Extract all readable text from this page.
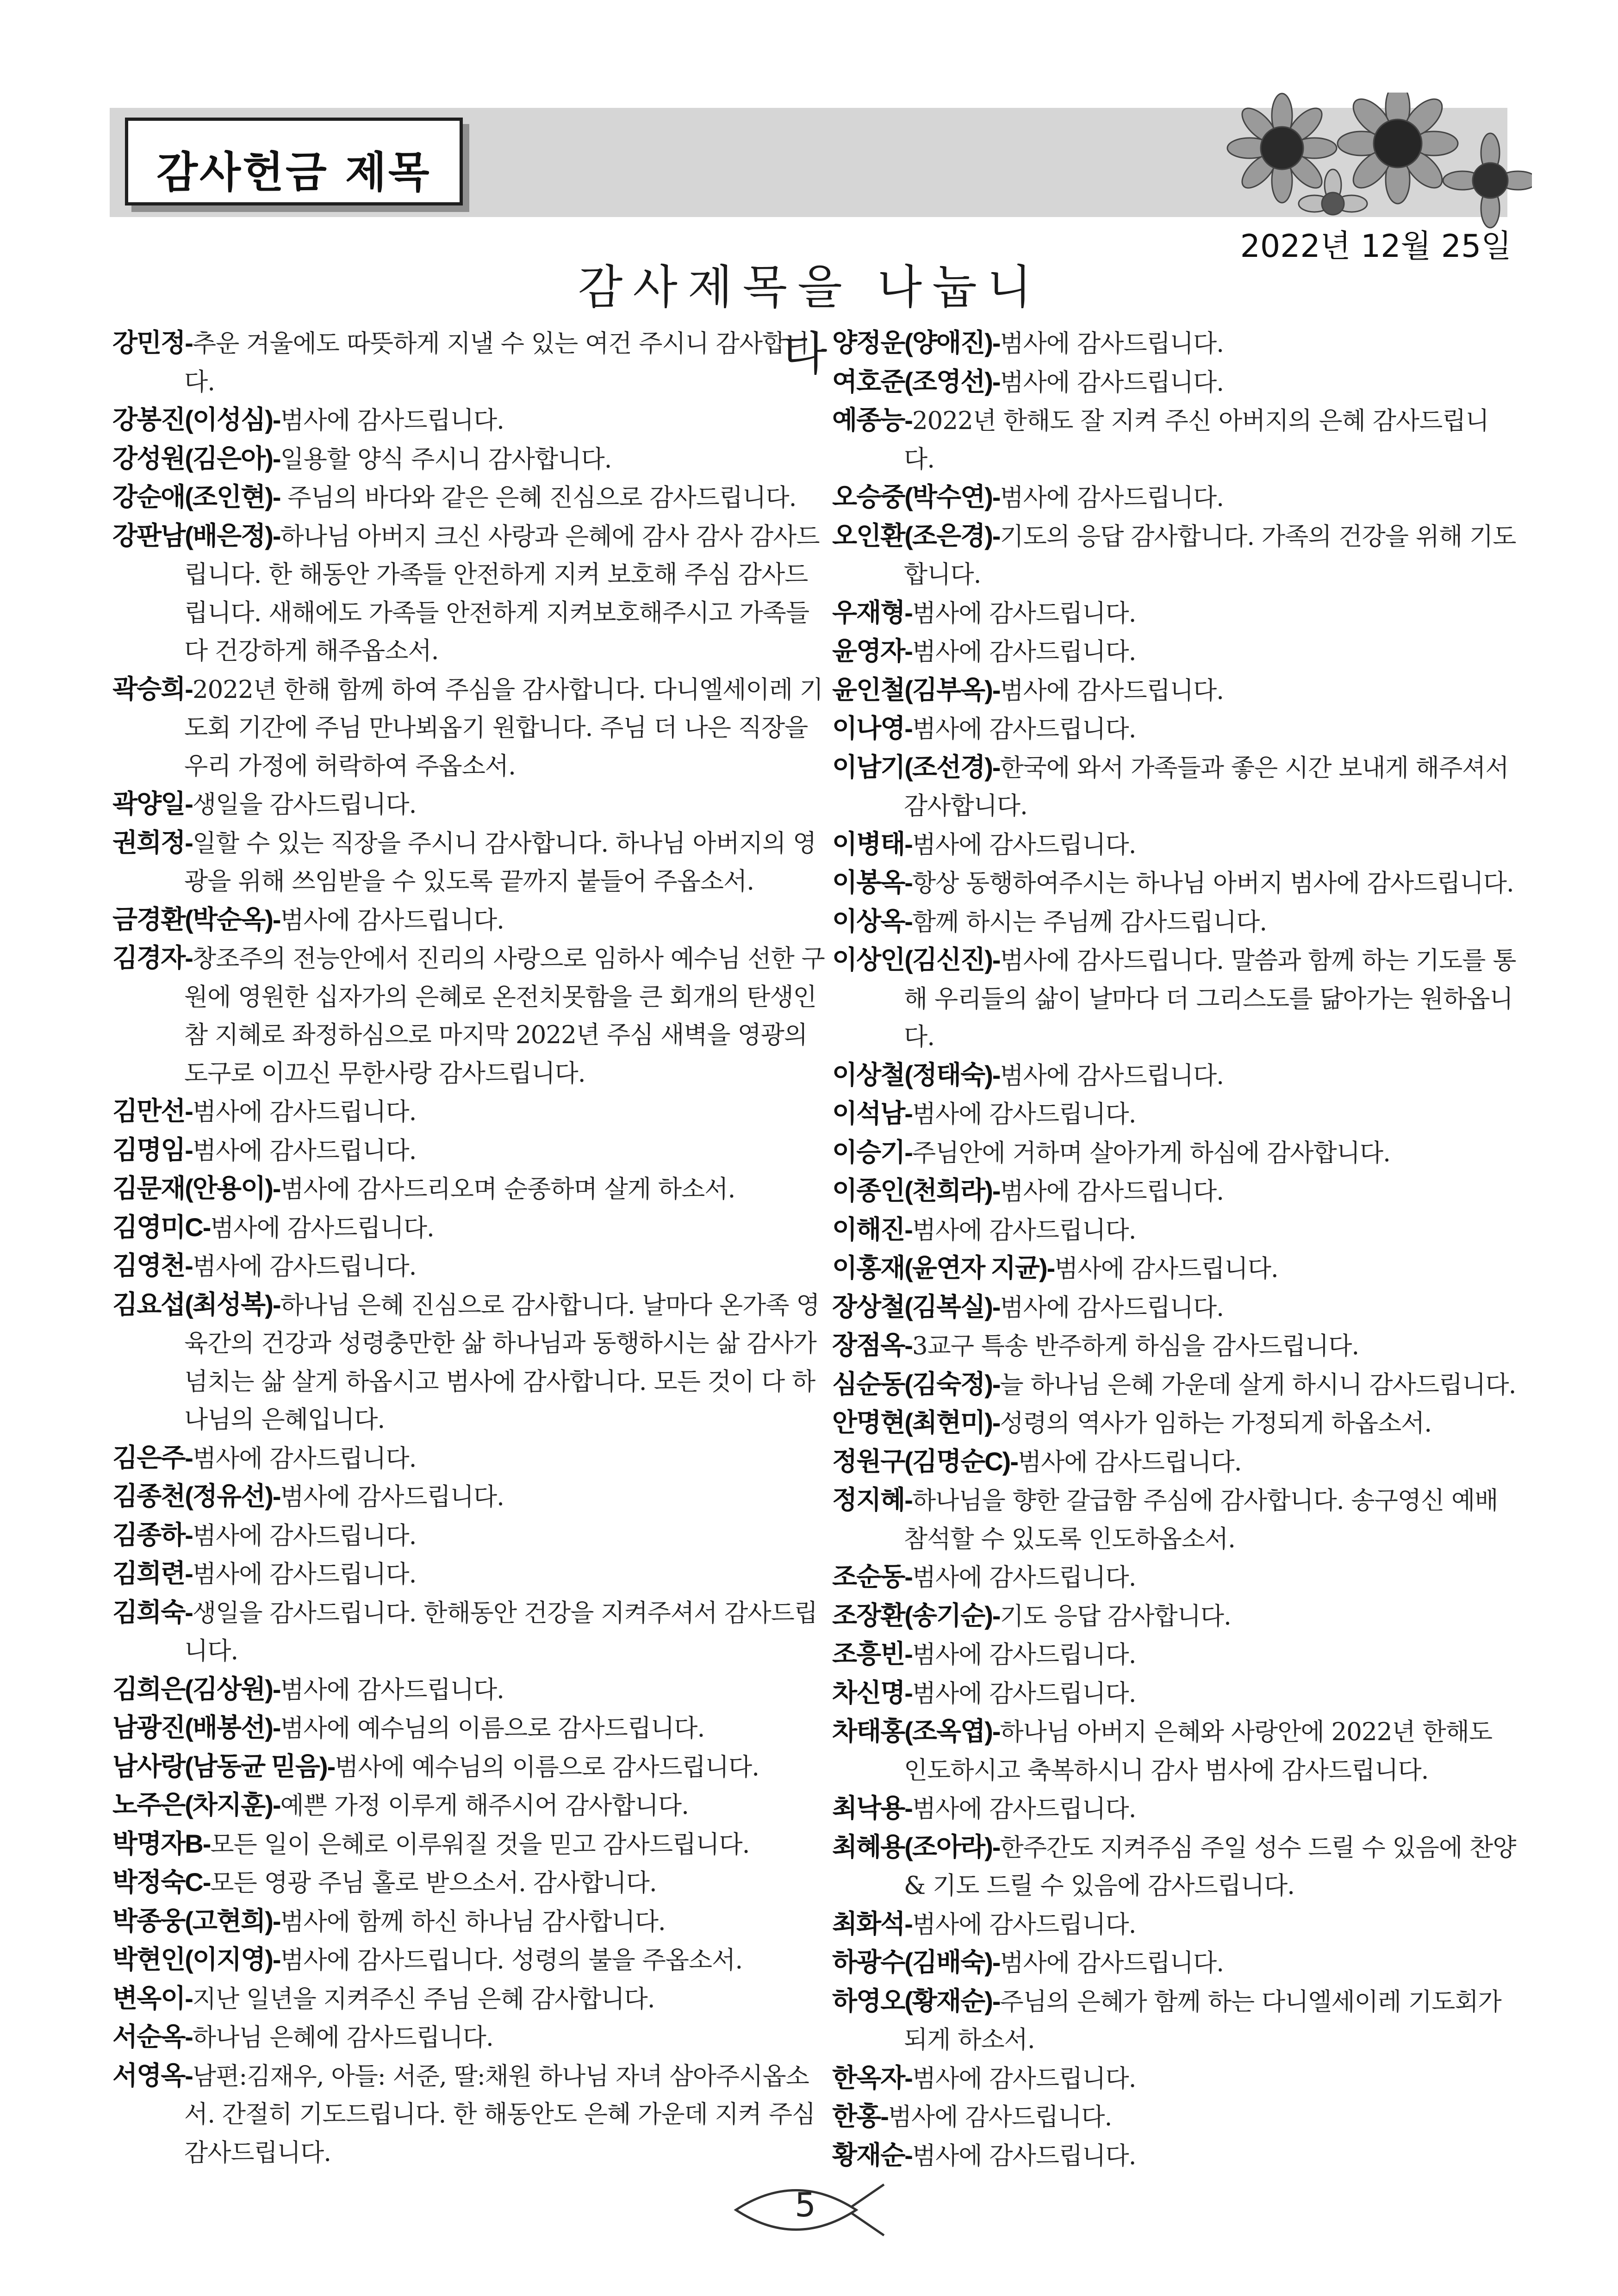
감사헌금 제목
2022년 12월 25일
감사제목을 나눕니다
강민정-추운 겨울에도 따뜻하게 지낼 수 있는 여건 주시니 감사합니다.
강봉진(이성심)-범사에 감사드립니다.
강성원(김은아)-일용할 양식 주시니 감사합니다.
강순애(조인현)- 주님의 바다와 같은 은혜 진심으로 감사드립니다.
강판남(배은정)-하나님 아버지 크신 사랑과 은혜에 감사 감사 감사드립니다. 한 해동안 가족들 안전하게 지켜 보호해 주심 감사드립니다. 새해에도 가족들 안전하게 지켜보호해주시고 가족들 다 건강하게 해주옵소서.
곽승희-2022년 한해 함께 하여 주심을 감사합니다. 다니엘세이레 기도회 기간에 주님 만나뵈옵기 원합니다. 주님 더 나은 직장을 우리 가정에 허락하여 주옵소서.
곽양일-생일을 감사드립니다.
권희정-일할 수 있는 직장을 주시니 감사합니다. 하나님 아버지의 영광을 위해 쓰임받을 수 있도록 끝까지 붙들어 주옵소서.
금경환(박순옥)-범사에 감사드립니다.
김경자-창조주의 전능안에서 진리의 사랑으로 임하사 예수님 선한 구원에 영원한 십자가의 은혜로 온전치못함을 큰 회개의 탄생인 참 지혜로 좌정하심으로 마지막 2022년 주심 새벽을 영광의 도구로 이끄신 무한사랑 감사드립니다.
김만선-범사에 감사드립니다.
김명임-범사에 감사드립니다.
김문재(안용이)-범사에 감사드리오며 순종하며 살게 하소서.
김영미C-범사에 감사드립니다.
김영천-범사에 감사드립니다.
김요섭(최성복)-하나님 은혜 진심으로 감사합니다. 날마다 온가족 영육간의 건강과 성령충만한 삶 하나님과 동행하시는 삶 감사가 넘치는 삶 살게 하옵시고 범사에 감사합니다. 모든 것이 다 하나님의 은혜입니다.
김은주-범사에 감사드립니다.
김종천(정유선)-범사에 감사드립니다.
김종하-범사에 감사드립니다.
김희련-범사에 감사드립니다.
김희숙-생일을 감사드립니다. 한해동안 건강을 지켜주셔서 감사드립니다.
김희은(김상원)-범사에 감사드립니다.
남광진(배봉선)-범사에 예수님의 이름으로 감사드립니다.
남사랑(남동균 믿음)-범사에 예수님의 이름으로 감사드립니다.
노주은(차지훈)-예쁜 가정 이루게 해주시어 감사합니다.
박명자B-모든 일이 은혜로 이루워질 것을 믿고 감사드립니다.
박정숙C-모든 영광 주님 홀로 받으소서. 감사합니다.
박종웅(고현희)-범사에 함께 하신 하나님 감사합니다.
박현인(이지영)-범사에 감사드립니다. 성령의 불을 주옵소서.
변옥이-지난 일년을 지켜주신 주님 은혜 감사합니다.
서순옥-하나님 은혜에 감사드립니다.
서영옥-남편:김재우, 아들: 서준, 딸:채원 하나님 자녀 삼아주시옵소서. 간절히 기도드립니다. 한 해동안도 은혜 가운데 지켜 주심 감사드립니다.
양정운(양애진)-범사에 감사드립니다.
여호준(조영선)-범사에 감사드립니다.
예종능-2022년 한해도 잘 지켜 주신 아버지의 은혜 감사드립니다.
오승중(박수연)-범사에 감사드립니다.
오인환(조은경)-기도의 응답 감사합니다. 가족의 건강을 위해 기도합니다.
우재형-범사에 감사드립니다.
윤영자-범사에 감사드립니다.
윤인철(김부옥)-범사에 감사드립니다.
이나영-범사에 감사드립니다.
이남기(조선경)-한국에 와서 가족들과 좋은 시간 보내게 해주셔서 감사합니다.
이병태-범사에 감사드립니다.
이봉옥-항상 동행하여주시는 하나님 아버지 범사에 감사드립니다.
이상옥-함께 하시는 주님께 감사드립니다.
이상인(김신진)-범사에 감사드립니다. 말씀과 함께 하는 기도를 통해 우리들의 삶이 날마다 더 그리스도를 닮아가는 원하옵니다.
이상철(정태숙)-범사에 감사드립니다.
이석남-범사에 감사드립니다.
이승기-주님안에 거하며 살아가게 하심에 감사합니다.
이종인(천희라)-범사에 감사드립니다.
이해진-범사에 감사드립니다.
이홍재(윤연자 지균)-범사에 감사드립니다.
장상철(김복실)-범사에 감사드립니다.
장점옥-3교구 특송 반주하게 하심을 감사드립니다.
심순동(김숙정)-늘 하나님 은혜 가운데 살게 하시니 감사드립니다.
안명현(최현미)-성령의 역사가 임하는 가정되게 하옵소서.
정원구(김명순C)-범사에 감사드립니다.
정지혜-하나님을 향한 갈급함 주심에 감사합니다. 송구영신 예배 참석할 수 있도록 인도하옵소서.
조순동-범사에 감사드립니다.
조장환(송기순)-기도 응답 감사합니다.
조흥빈-범사에 감사드립니다.
차신명-범사에 감사드립니다.
차태홍(조옥엽)-하나님 아버지 은혜와 사랑안에 2022년 한해도 인도하시고 축복하시니 감사 범사에 감사드립니다.
최낙용-범사에 감사드립니다.
최혜용(조아라)-한주간도 지켜주심 주일 성수 드릴 수 있음에 찬양 & 기도 드릴 수 있음에 감사드립니다.
최화석-범사에 감사드립니다.
하광수(김배숙)-범사에 감사드립니다.
하영오(황재순)-주님의 은혜가 함께 하는 다니엘세이레 기도회가 되게 하소서.
한옥자-범사에 감사드립니다.
한홍-범사에 감사드립니다.
황재순-범사에 감사드립니다.
5
